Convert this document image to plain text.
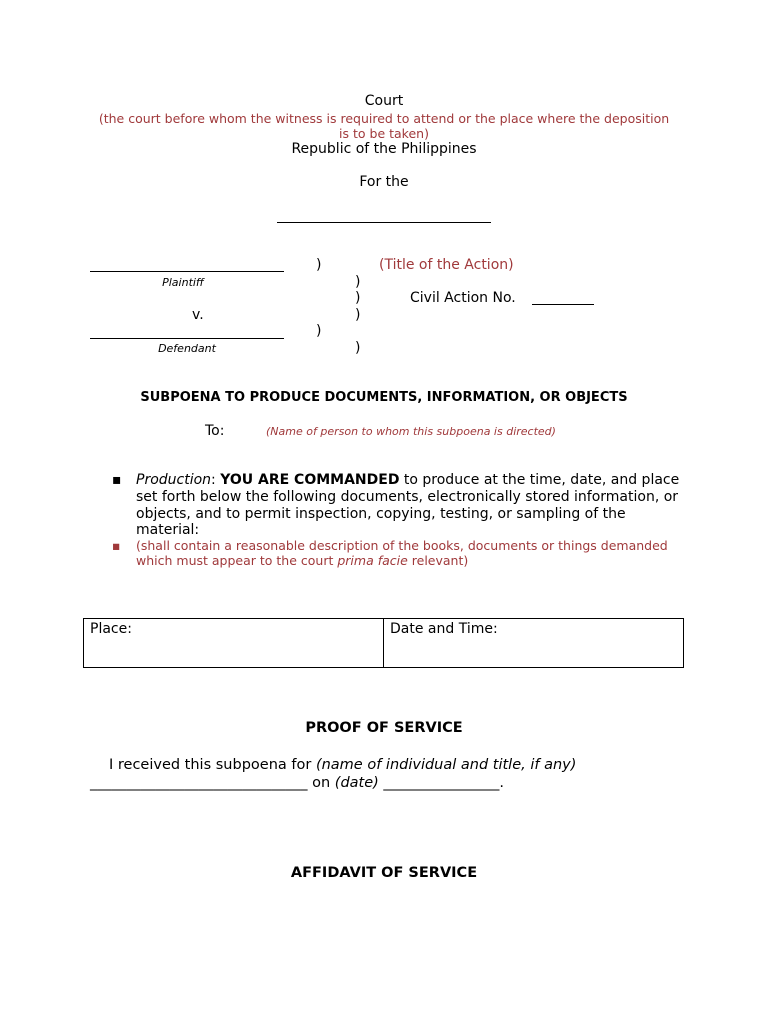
Court
(the court before whom the witness is required to attend or the place where the deposition
is to be taken)
Republic of the Philippines
For the
Plaintiff
v.
Defendant
)
)
)
)
)
)
(Title of the Action)
Civil Action No.
SUBPOENA TO PRODUCE DOCUMENTS, INFORMATION, OR OBJECTS
To:	(Name of person to whom this subpoena is directed)
▪ Production: YOU ARE COMMANDED to produce at the time, date, and place
set forth below the following documents, electronically stored information, or
objects, and to permit inspection, copying, testing, or sampling of the
material:
▪ (shall contain a reasonable description of the books, documents or things demanded
which must appear to the court prima facie relevant)
Place:	Date and Time:
PROOF OF SERVICE
I received this subpoena for (name of individual and title, if any)
______________________________ on (date) ________________.
AFFIDAVIT OF SERVICE
